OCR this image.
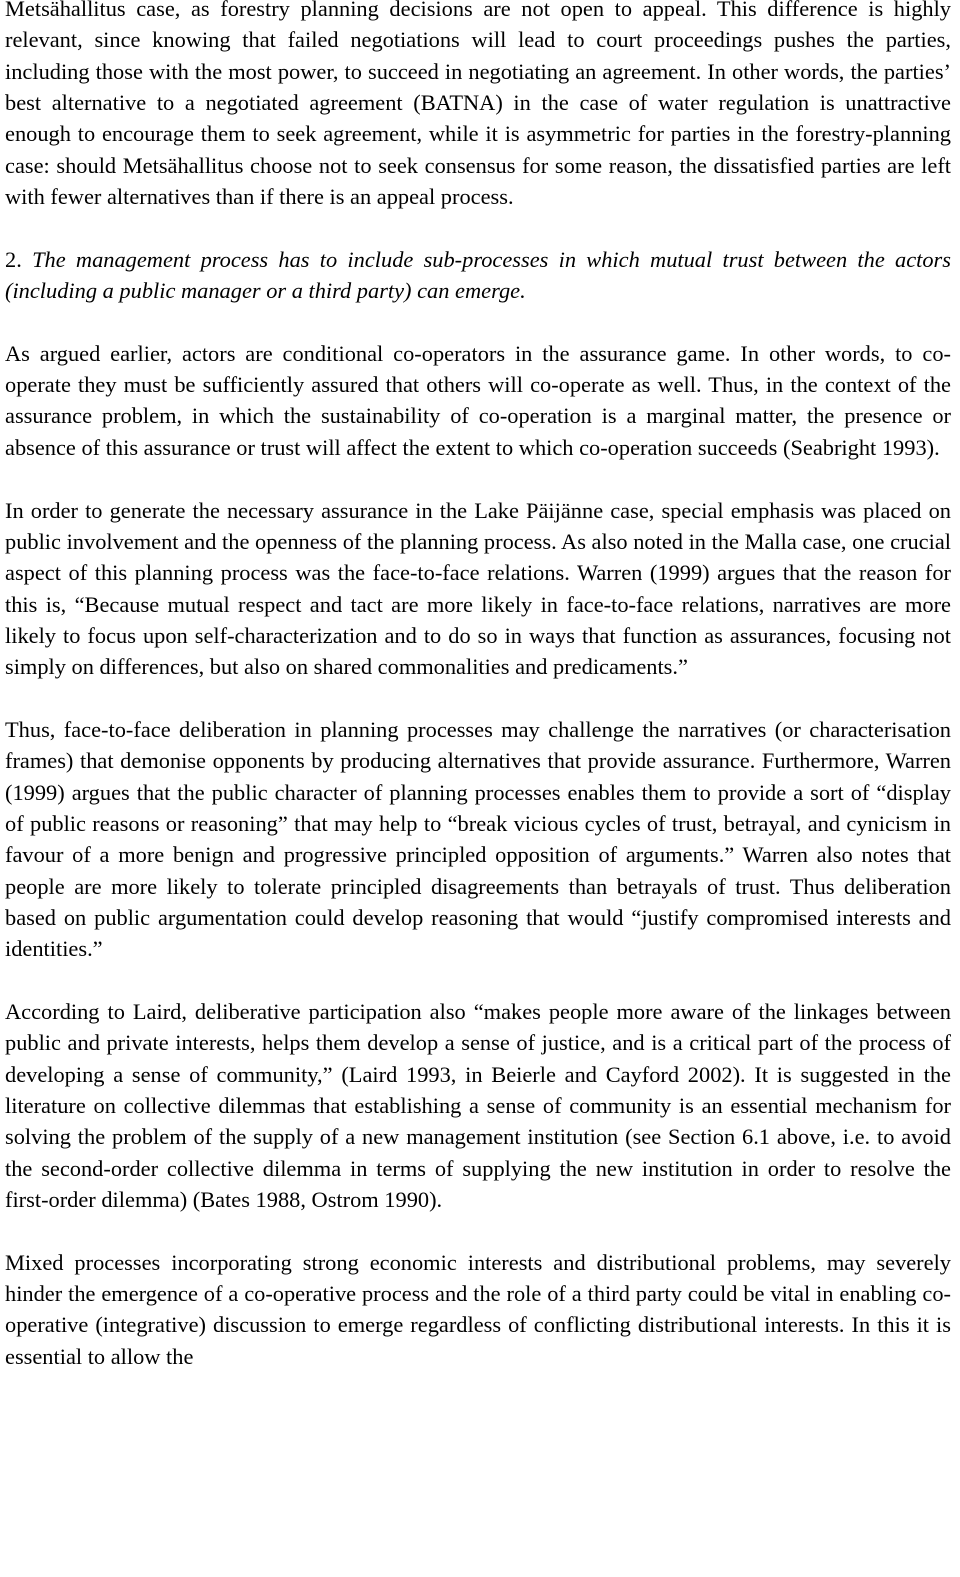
Metsähallitus case, as forestry planning decisions are not open to appeal. This difference is highly relevant, since knowing that failed negotiations will lead to court proceedings pushes the parties, including those with the most power, to succeed in negotiating an agreement. In other words, the parties’ best alternative to a negotiated agreement (BATNA) in the case of water regulation is unattractive enough to encourage them to seek agreement, while it is asymmetric for parties in the forestry-planning case: should Metsähallitus choose not to seek consensus for some reason, the dissatisfied parties are left with fewer alternatives than if there is an appeal process.

2. The management process has to include sub-processes in which mutual trust between the actors (including a public manager or a third party) can emerge.

As argued earlier, actors are conditional co-operators in the assurance game. In other words, to co-operate they must be sufficiently assured that others will co-operate as well. Thus, in the context of the assurance problem, in which the sustainability of co-operation is a marginal matter, the presence or absence of this assurance or trust will affect the extent to which co-operation succeeds (Seabright 1993).

In order to generate the necessary assurance in the Lake Päijänne case, special emphasis was placed on public involvement and the openness of the planning process. As also noted in the Malla case, one crucial aspect of this planning process was the face-to-face relations. Warren (1999) argues that the reason for this is, “Because mutual respect and tact are more likely in face-to-face relations, narratives are more likely to focus upon self-characterization and to do so in ways that function as assurances, focusing not simply on differences, but also on shared commonalities and predicaments.”

Thus, face-to-face deliberation in planning processes may challenge the narratives (or characterisation frames) that demonise opponents by producing alternatives that provide assurance. Furthermore, Warren (1999) argues that the public character of planning processes enables them to provide a sort of “display of public reasons or reasoning” that may help to “break vicious cycles of trust, betrayal, and cynicism in favour of a more benign and progressive principled opposition of arguments.” Warren also notes that people are more likely to tolerate principled disagreements than betrayals of trust. Thus deliberation based on public argumentation could develop reasoning that would “justify compromised interests and identities.”

According to Laird, deliberative participation also “makes people more aware of the linkages between public and private interests, helps them develop a sense of justice, and is a critical part of the process of developing a sense of community,” (Laird 1993, in Beierle and Cayford 2002). It is suggested in the literature on collective dilemmas that establishing a sense of community is an essential mechanism for solving the problem of the supply of a new management institution (see Section 6.1 above, i.e. to avoid the second-order collective dilemma in terms of supplying the new institution in order to resolve the first-order dilemma) (Bates 1988, Ostrom 1990).

Mixed processes incorporating strong economic interests and distributional problems, may severely hinder the emergence of a co-operative process and the role of a third party could be vital in enabling co-operative (integrative) discussion to emerge regardless of conflicting distributional interests. In this it is essential to allow the
